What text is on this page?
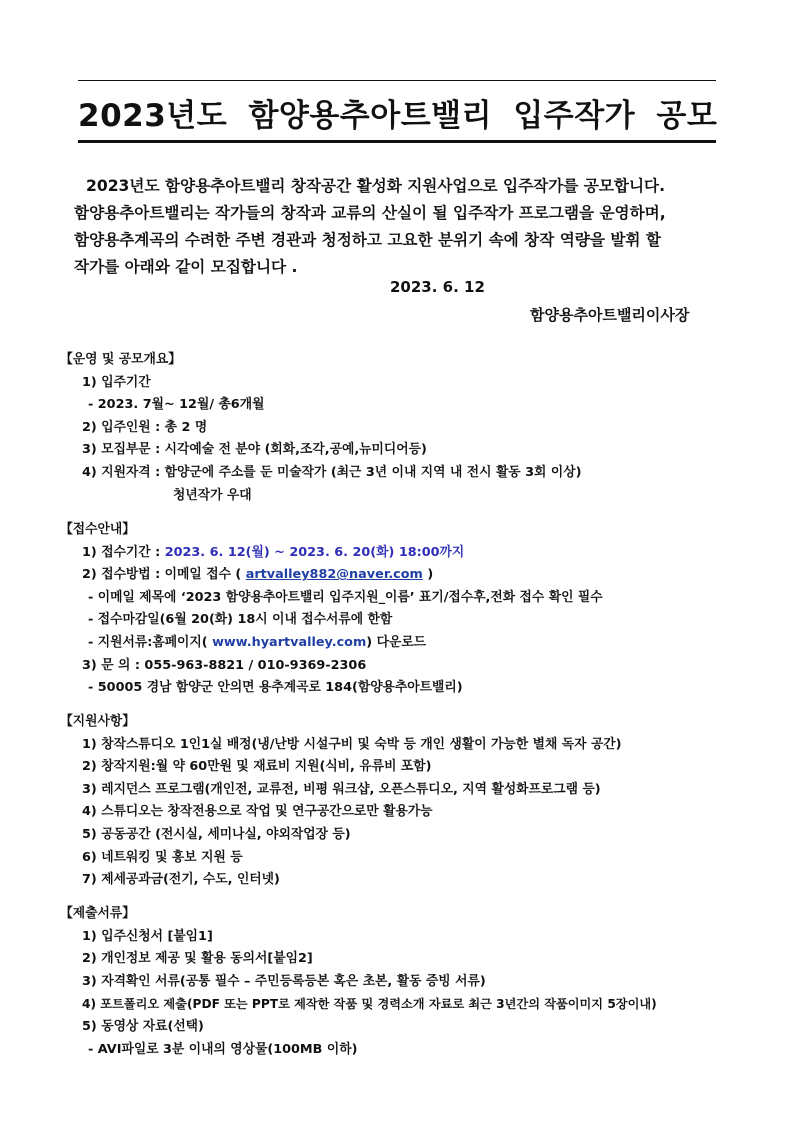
2023년도 함양용추아트밸리 입주작가 공모

2023년도 함양용추아트밸리 창작공간 활성화 지원사업으로 입주작가를 공모합니다.

함양용추아트밸리는 작가들의 창작과 교류의 산실이 될 입주작가 프로그램을 운영하며,

함양용추계곡의 수려한 주변 경관과 청정하고 고요한 분위기 속에 창작 역량을 발휘 할

작가를 아래와 같이 모집합니다 .

2023. 6. 12
함양용추아트밸리이사장
【운영 및 공모개요】
1) 입주기간
- 2023. 7월~ 12월/ 총6개월
2) 입주인원 : 총 2 명
3) 모집부문 : 시각예술 전 분야 (회화,조각,공예,뉴미디어등)
4) 지원자격 : 함양군에 주소를 둔 미술작가 (최근 3년 이내 지역 내 전시 활동 3회 이상)
청년작가 우대
【접수안내】
1) 접수기간 : 2023. 6. 12(월) ~ 2023. 6. 20(화) 18:00까지
2) 접수방법 : 이메일 접수 ( artvalley882@naver.com )
- 이메일 제목에 ‘2023 함양용추아트밸리 입주지원_이름’ 표기/접수후,전화 접수 확인 필수
- 접수마감일(6월 20(화) 18시 이내 접수서류에 한함
- 지원서류:홈페이지( www.hyartvalley.com) 다운로드
3) 문 의 : 055-963-8821 / 010-9369-2306
- 50005 경남 함양군 안의면 용추계곡로 184(함양용추아트밸리)
【지원사항】
1) 창작스튜디오 1인1실 배정(냉/난방 시설구비 및 숙박 등 개인 생활이 가능한 별채 독자 공간)
2) 창작지원:월 약 60만원 및 재료비 지원(식비, 유류비 포함)
3) 레지던스 프로그램(개인전, 교류전, 비평 워크샵, 오픈스튜디오, 지역 활성화프로그램 등)
4) 스튜디오는 창작전용으로 작업 및 연구공간으로만 활용가능
5) 공동공간 (전시실, 세미나실, 야외작업장 등)
6) 네트워킹 및 홍보 지원 등
7) 제세공과금(전기, 수도, 인터넷)
【제출서류】
1) 입주신청서 [붙임1]
2) 개인정보 제공 및 활용 동의서[붙임2]
3) 자격확인 서류(공통 필수 – 주민등록등본 혹은 초본, 활동 증빙 서류)
4) 포트폴리오 제출(PDF 또는 PPT로 제작한 작품 및 경력소개 자료로 최근 3년간의 작품이미지 5장이내)
5) 동영상 자료(선택)
- AVI파일로 3분 이내의 영상물(100MB 이하)
